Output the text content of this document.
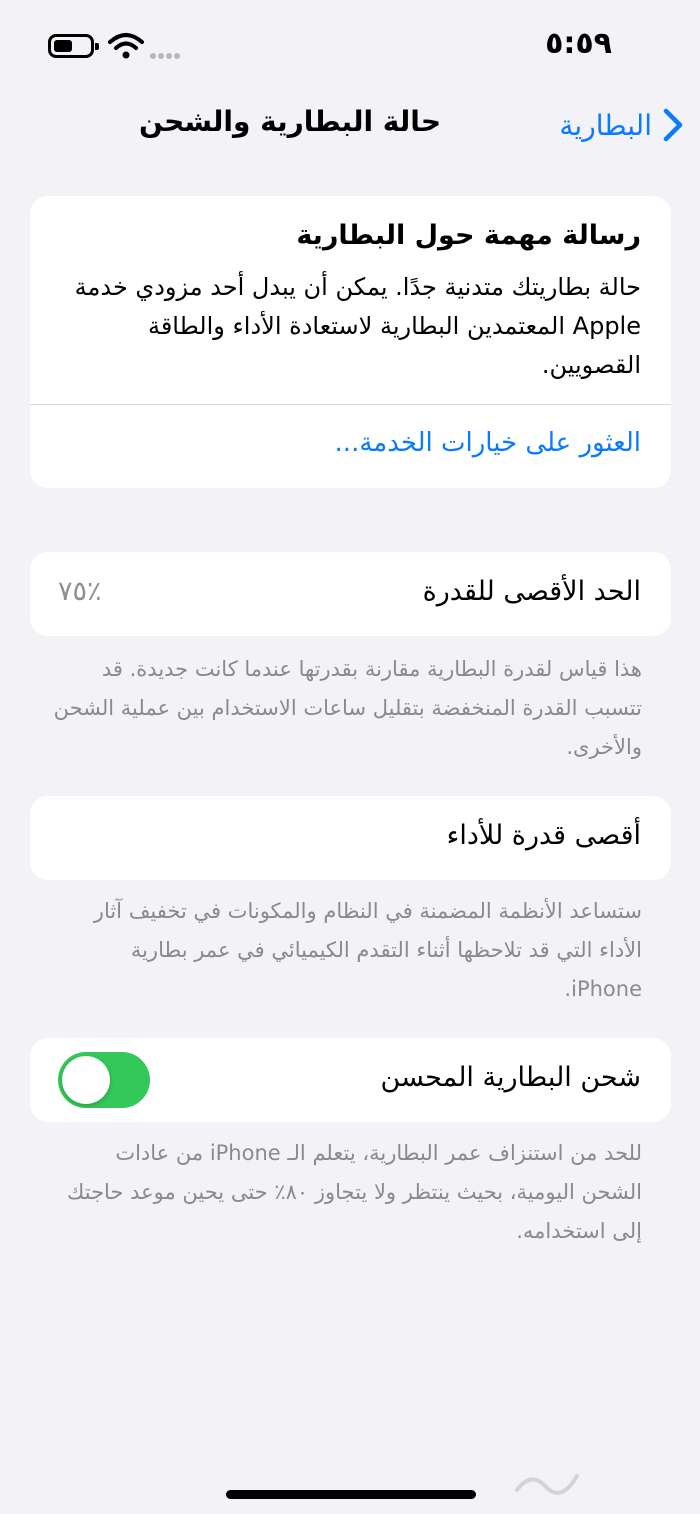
٥:٥٩
البطارية
حالة البطارية والشحن
رسالة مهمة حول البطارية
حالة بطاريتك متدنية جدًا. يمكن أن يبدل أحد مزودي خدمة Apple المعتمدين البطارية لاستعادة الأداء والطاقة القصويين.
العثور على خيارات الخدمة...
الحد الأقصى للقدرة
٪٧٥
هذا قياس لقدرة البطارية مقارنة بقدرتها عندما كانت جديدة. قد تتسبب القدرة المنخفضة بتقليل ساعات الاستخدام بين عملية الشحن والأخرى.
أقصى قدرة للأداء
ستساعد الأنظمة المضمنة في النظام والمكونات في تخفيف آثار الأداء التي قد تلاحظها أثناء التقدم الكيميائي في عمر بطارية iPhone.
شحن البطارية المحسن
للحد من استنزاف عمر البطارية، يتعلم الـ iPhone من عادات الشحن اليومية، بحيث ينتظر ولا يتجاوز ٨٠٪ حتى يحين موعد حاجتك إلى استخدامه.
